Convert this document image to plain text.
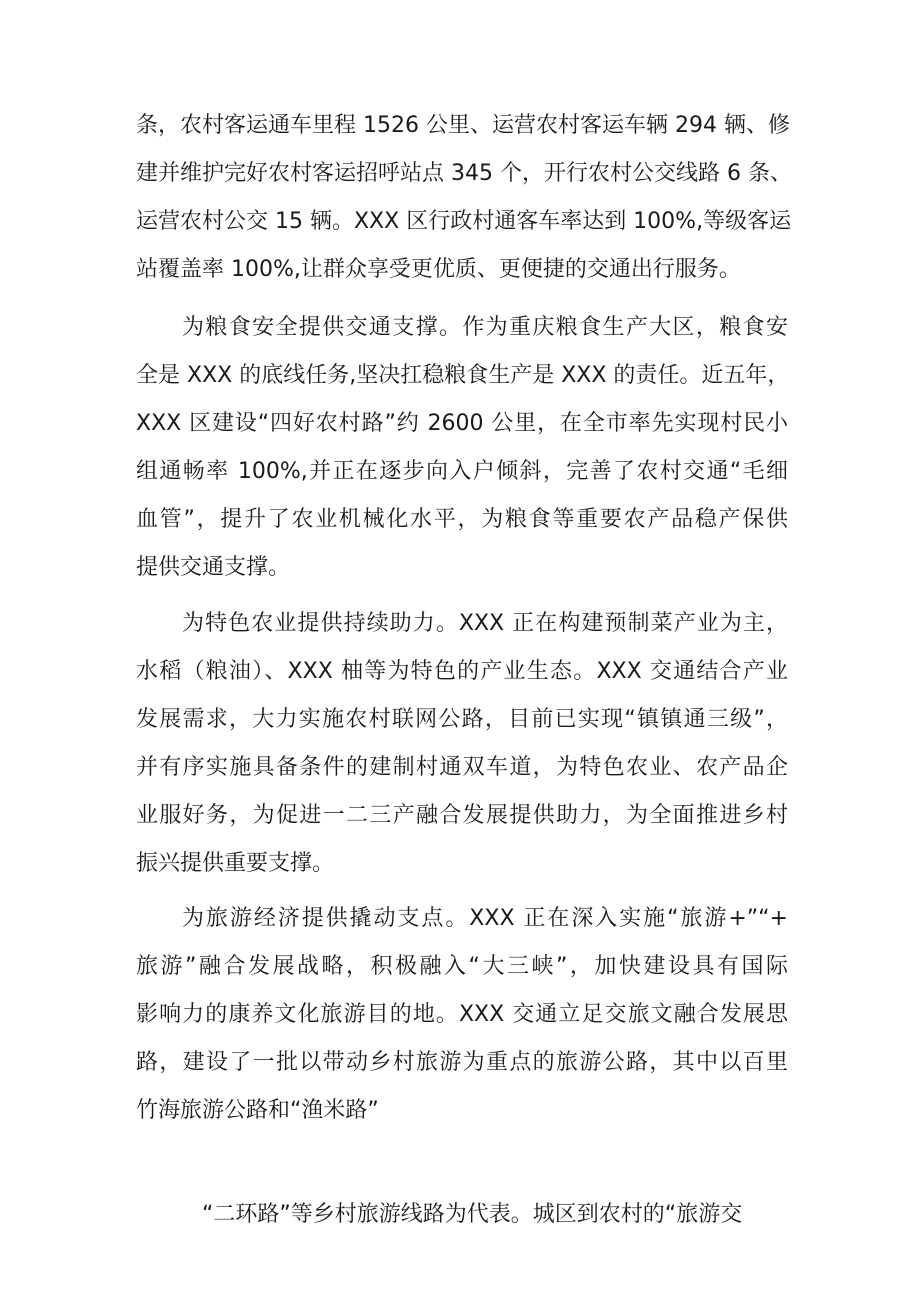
条，农村客运通车里程 1526 公里、运营农村客运车辆 294 辆、修
建并维护完好农村客运招呼站点 345 个，开行农村公交线路 6 条、
运营农村公交 15 辆。XXX 区行政村通客车率达到 100%,等级客运
站覆盖率 100%,让群众享受更优质、更便捷的交通出行服务。
为粮食安全提供交通支撑。作为重庆粮食生产大区，粮食安
全是 XXX 的底线任务,坚决扛稳粮食生产是 XXX 的责任。近五年，
XXX 区建设“四好农村路”约 2600 公里，在全市率先实现村民小
组通畅率 100%,并正在逐步向入户倾斜，完善了农村交通“毛细
血管”，提升了农业机械化水平，为粮食等重要农产品稳产保供
提供交通支撑。
为特色农业提供持续助力。XXX 正在构建预制菜产业为主，
水稻（粮油）、XXX 柚等为特色的产业生态。XXX 交通结合产业
发展需求，大力实施农村联网公路，目前已实现“镇镇通三级”，
并有序实施具备条件的建制村通双车道，为特色农业、农产品企
业服好务，为促进一二三产融合发展提供助力，为全面推进乡村
振兴提供重要支撑。
为旅游经济提供撬动支点。XXX 正在深入实施“旅游+”“+
旅游”融合发展战略，积极融入“大三峡”，加快建设具有国际
影响力的康养文化旅游目的地。XXX 交通立足交旅文融合发展思
路，建设了一批以带动乡村旅游为重点的旅游公路，其中以百里
竹海旅游公路和“渔米路”
“二环路”等乡村旅游线路为代表。城区到农村的“旅游交
